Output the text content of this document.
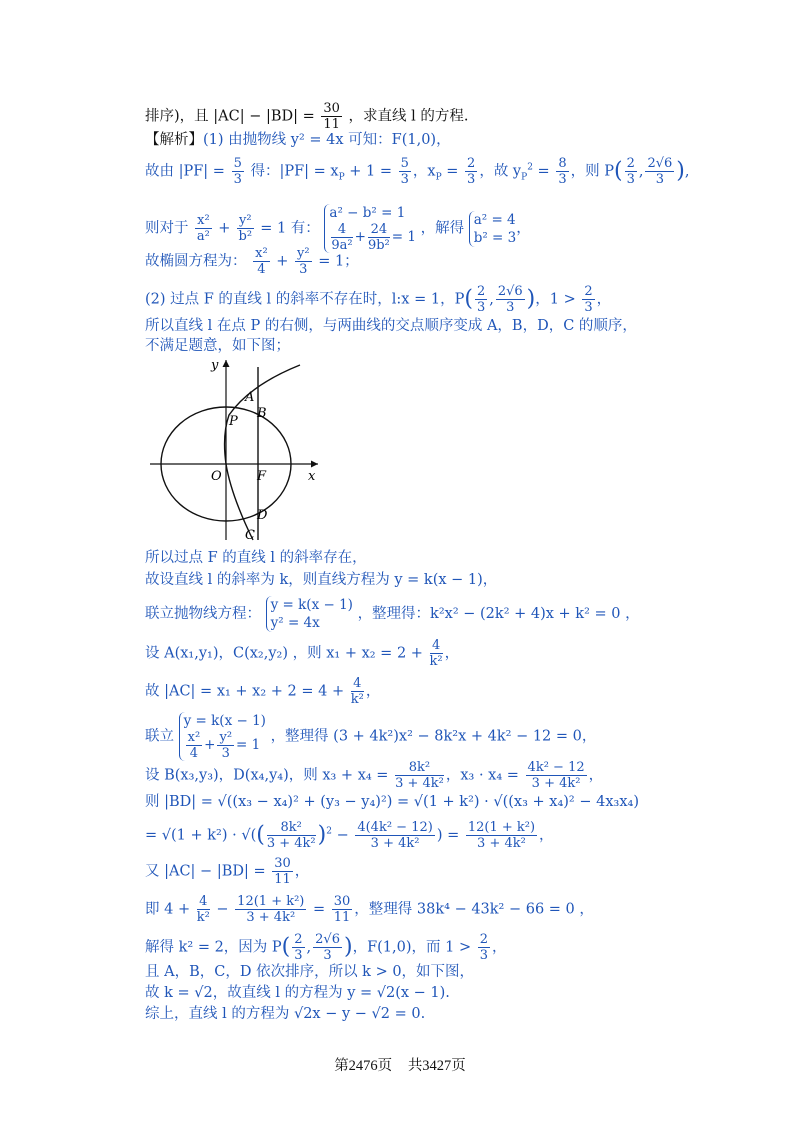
排序)，且 $|AC| - |BD| = \frac{30}{11}$ ，求直线 l 的方程.
【解析】(1) 由抛物线 y² = 4x 可知：F(1,0)，
故由 $|PF| = \frac{5}{3}$ 得：$|PF| = x_P + 1 = \frac{5}{3}$ ，$x_P = \frac{2}{3}$ ，故 $y_P^2 = \frac{8}{3}$ ，则 $P( \frac{2}{3}$ , $\frac{2√6}{3}$ ),
则对于 $\frac{\text{x²}}{\text{a²}} + \frac{\text{y²}}{\text{b²}} = 1$ 有： a² − b² = 1

$\frac{4}{\text{9a²}} + \frac{24}{\text{9b²}} = 1$ ，解得 a² = 4
b² = 3，
故椭圆方程为： $\frac{\text{x²}}{4} + \frac{\text{y²}}{3} = 1$；
(2) 过点 F 的直线 l 的斜率不存在时，l:x = 1，$P( \frac{2}{3}$ , $\frac{2√6}{3}$ )，$1 > \frac{2}{3}$ ，
所以直线 l 在点 P 的右侧，与两曲线的交点顺序变成 A，B，D，C 的顺序，
不满足题意，如下图；
y
x
O	F
A
B
P
D
C
所以过点 F 的直线 l 的斜率存在，
故设直线 l 的斜率为 k，则直线方程为 y = k(x − 1)，
联立抛物线方程： y = k(x − 1)
y² = 4x ，整理得：k²x² − (2k² + 4)x + k² = 0 ，
设 A(x₁,y₁)，C(x₂,y₂) ，则 $x_1 + x_2 = 2 + \frac{4}{\text{k²}}$ ，
故 $|AC| = x_1 + x_2 + 2 = 4 + \frac{4}{\text{k²}}$ ，
联立 y = k(x − 1)

$\frac{\text{x²}}{4} + \frac{\text{y²}}{3} = 1$ ，整理得 (3 + 4k²)x² − 8k²x + 4k² − 12 = 0，
设 B(x₃,y₃)，D(x₄,y₄)，则 $x_3 + x_4 = \frac{\text{8k²}}{\text{3 + 4k²}}$ ，$x_3 \cdot x_4 = \frac{\text{4k² − 12}}{\text{3 + 4k²}}$ ，
则 |BD| = √((x₃ − x₄)² + (y₃ − y₄)²) = √(1 + k²) · √((x₃ + x₄)² − 4x₃x₄)
= √(1 + k²) · √(( $\frac{\text{8k²}}{\text{3 + 4k²}} )^2 - \frac{\text{4(4k² − 12)}}{\text{3 + 4k²}}$ ) = $\frac{\text{12(1 + k²)}}{\text{3 + 4k²}}$ ，
又 $|AC| - |BD| = \frac{30}{11}$ ，
即 $4 + \frac{4}{\text{k²}} - \frac{\text{12(1 + k²)}}{\text{3 + 4k²}} = \frac{30}{11}$ ，整理得 38k⁴ − 43k² − 66 = 0 ，
解得 k² = 2，因为 $P( \frac{2}{3}$ , $\frac{2√6}{3}$ )，F(1,0)，而 $1 > \frac{2}{3}$ ，
且 A，B，C，D 依次排序，所以 k > 0，如下图，
故 k = √2，故直线 l 的方程为 y = √2(x − 1).
综上，直线 l 的方程为 √2x − y − √2 = 0.
第2476页 共3427页
